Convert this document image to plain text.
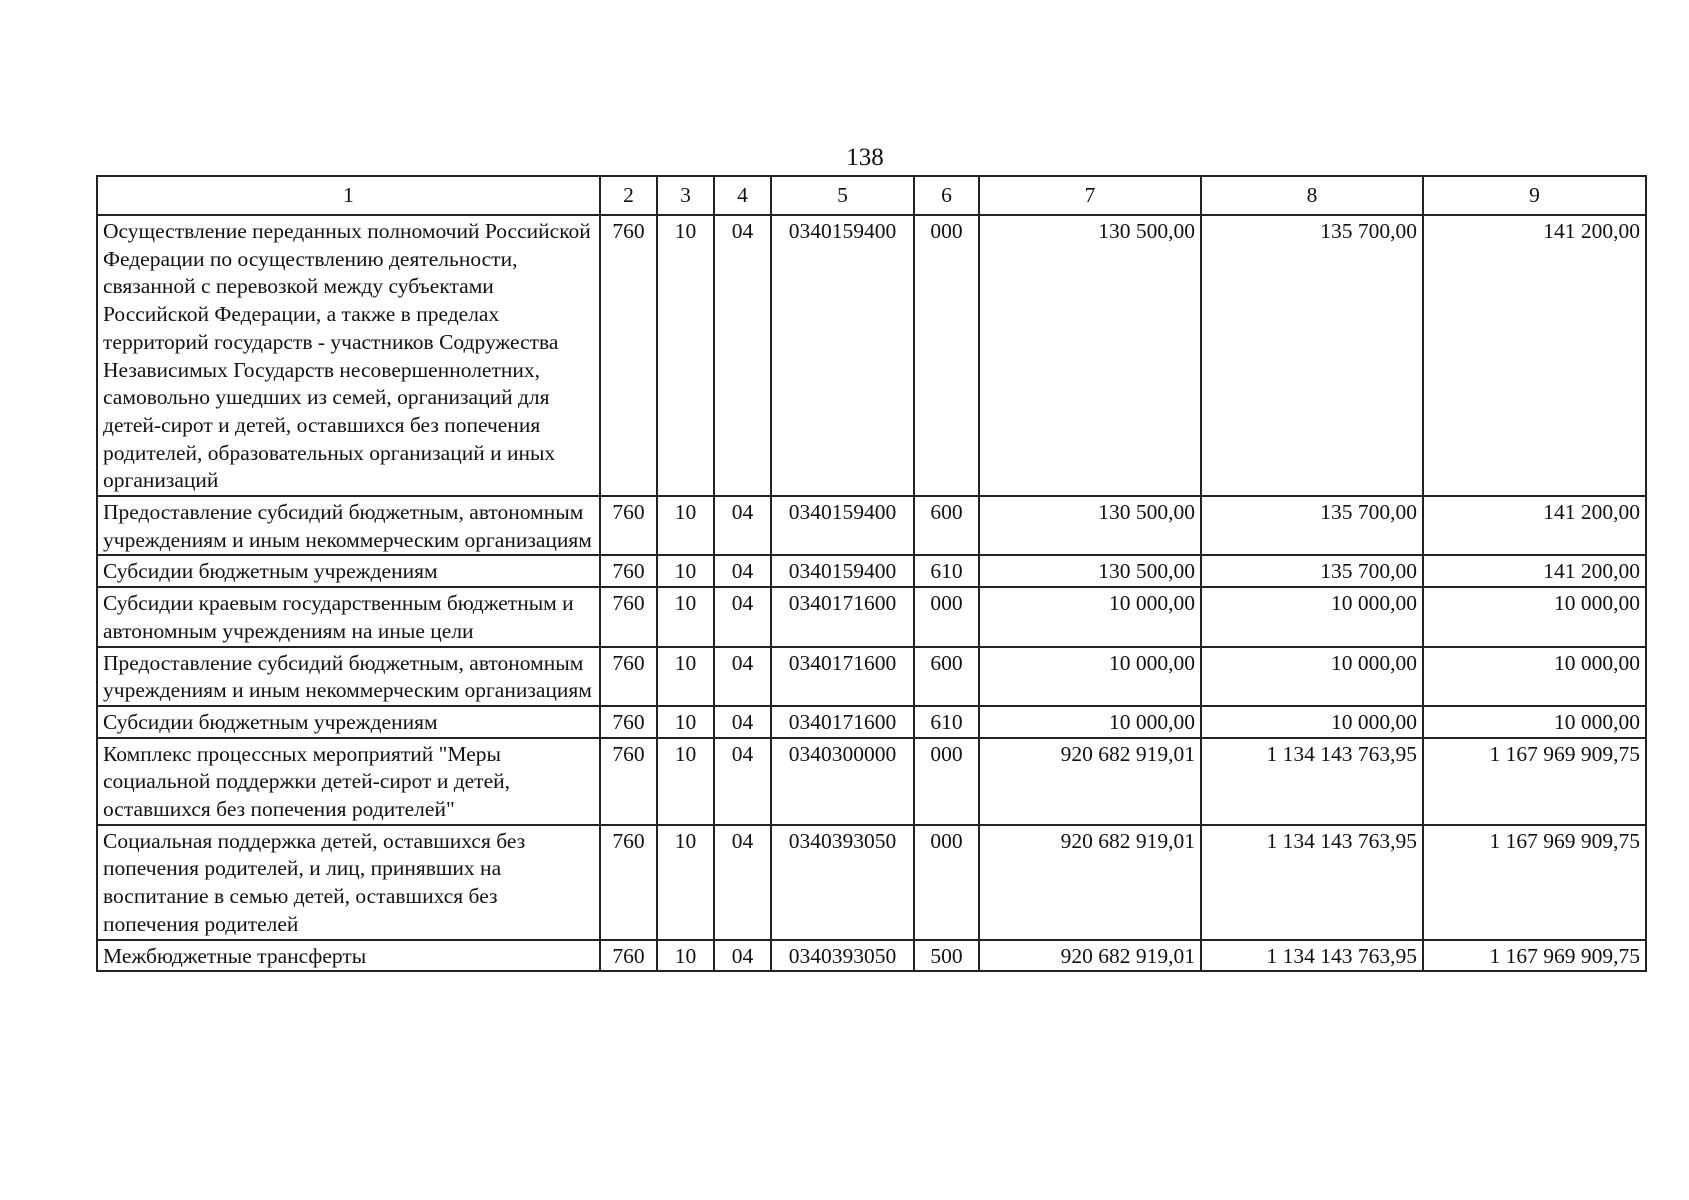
138
1	2	3	4	5	6	7	8	9
Осуществление переданных полномочий Российской Федерации по осуществлению деятельности, связанной с перевозкой между субъектами Российской Федерации, а также в пределах территорий государств - участников Содружества Независимых Государств несовершеннолетних, самовольно ушедших из семей, организаций для детей-сирот и детей, оставшихся без попечения родителей, образовательных организаций и иных организаций	760	10	04	0340159400	000	130 500,00	135 700,00	141 200,00
Предоставление субсидий бюджетным, автономным учреждениям и иным некоммерческим организациям	760	10	04	0340159400	600	130 500,00	135 700,00	141 200,00
Субсидии бюджетным учреждениям	760	10	04	0340159400	610	130 500,00	135 700,00	141 200,00
Субсидии краевым государственным бюджетным и автономным учреждениям на иные цели	760	10	04	0340171600	000	10 000,00	10 000,00	10 000,00
Предоставление субсидий бюджетным, автономным учреждениям и иным некоммерческим организациям	760	10	04	0340171600	600	10 000,00	10 000,00	10 000,00
Субсидии бюджетным учреждениям	760	10	04	0340171600	610	10 000,00	10 000,00	10 000,00
Комплекс процессных мероприятий "Меры социальной поддержки детей-сирот и детей, оставшихся без попечения родителей"	760	10	04	0340300000	000	920 682 919,01	1 134 143 763,95	1 167 969 909,75
Социальная поддержка детей, оставшихся без попечения родителей, и лиц, принявших на воспитание в семью детей, оставшихся без попечения родителей	760	10	04	0340393050	000	920 682 919,01	1 134 143 763,95	1 167 969 909,75
Межбюджетные трансферты	760	10	04	0340393050	500	920 682 919,01	1 134 143 763,95	1 167 969 909,75
